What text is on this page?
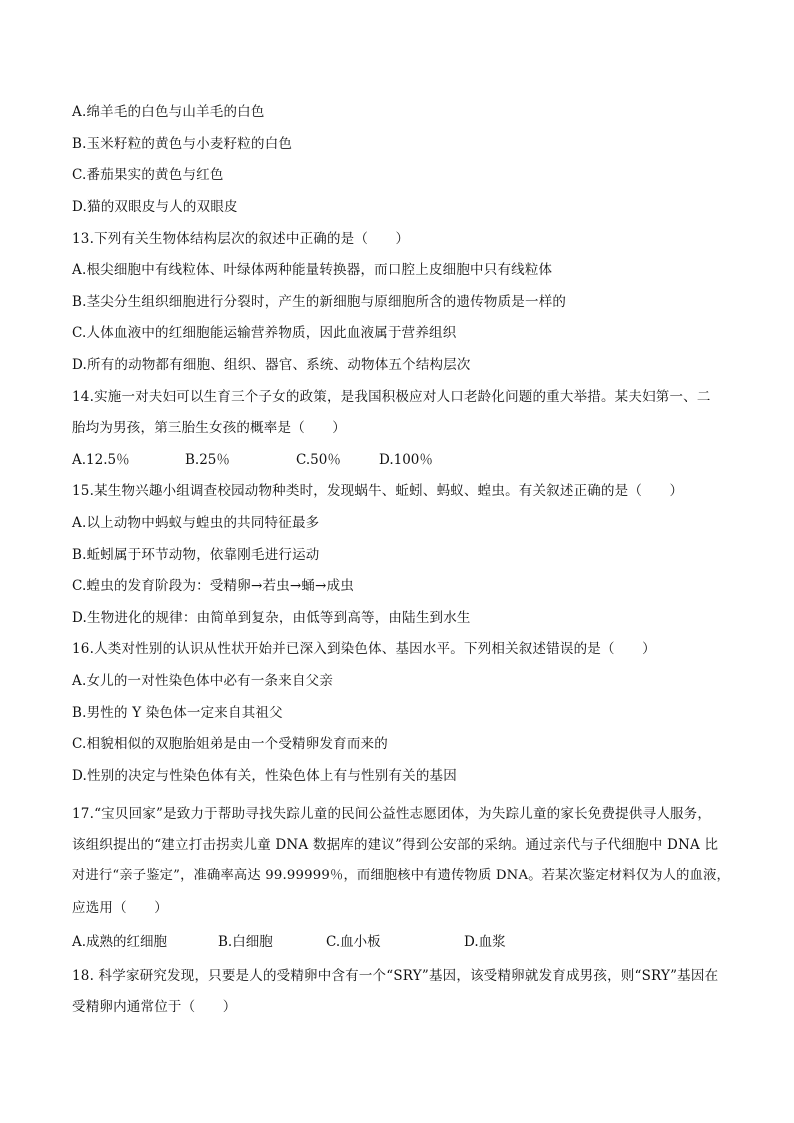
A.绵羊毛的白色与山羊毛的白色
B.玉米籽粒的黄色与小麦籽粒的白色
C.番茄果实的黄色与红色
D.猫的双眼皮与人的双眼皮
13.下列有关生物体结构层次的叙述中正确的是（　　）
A.根尖细胞中有线粒体、叶绿体两种能量转换器，而口腔上皮细胞中只有线粒体
B.茎尖分生组织细胞进行分裂时，产生的新细胞与原细胞所含的遗传物质是一样的
C.人体血液中的红细胞能运输营养物质，因此血液属于营养组织
D.所有的动物都有细胞、组织、器官、系统、动物体五个结构层次
14.实施一对夫妇可以生育三个子女的政策，是我国积极应对人口老龄化问题的重大举措。某夫妇第一、二
胎均为男孩，第三胎生女孩的概率是（　　）
A.12.5％	B.25％	C.50％	D.100％
15.某生物兴趣小组调查校园动物种类时，发现蜗牛、蚯蚓、蚂蚁、蝗虫。有关叙述正确的是（　　）
A.以上动物中蚂蚁与蝗虫的共同特征最多
B.蚯蚓属于环节动物，依靠刚毛进行运动
C.蝗虫的发育阶段为：受精卵→若虫→蛹→成虫
D.生物进化的规律：由简单到复杂，由低等到高等，由陆生到水生
16.人类对性别的认识从性状开始并已深入到染色体、基因水平。下列相关叙述错误的是（　　）
A.女儿的一对性染色体中必有一条来自父亲
B.男性的 Y 染色体一定来自其祖父
C.相貌相似的双胞胎姐弟是由一个受精卵发育而来的
D.性别的决定与性染色体有关，性染色体上有与性别有关的基因
17.“宝贝回家”是致力于帮助寻找失踪儿童的民间公益性志愿团体，为失踪儿童的家长免费提供寻人服务，
该组织提出的“建立打击拐卖儿童 DNA 数据库的建议”得到公安部的采纳。通过亲代与子代细胞中 DNA 比
对进行“亲子鉴定”，准确率高达 99.99999％，而细胞核中有遗传物质 DNA。若某次鉴定材料仅为人的血液，
应选用（　　）
A.成熟的红细胞	B.白细胞	C.血小板	D.血浆
18. 科学家研究发现，只要是人的受精卵中含有一个“SRY”基因，该受精卵就发育成男孩，则“SRY”基因在
受精卵内通常位于（　　）
